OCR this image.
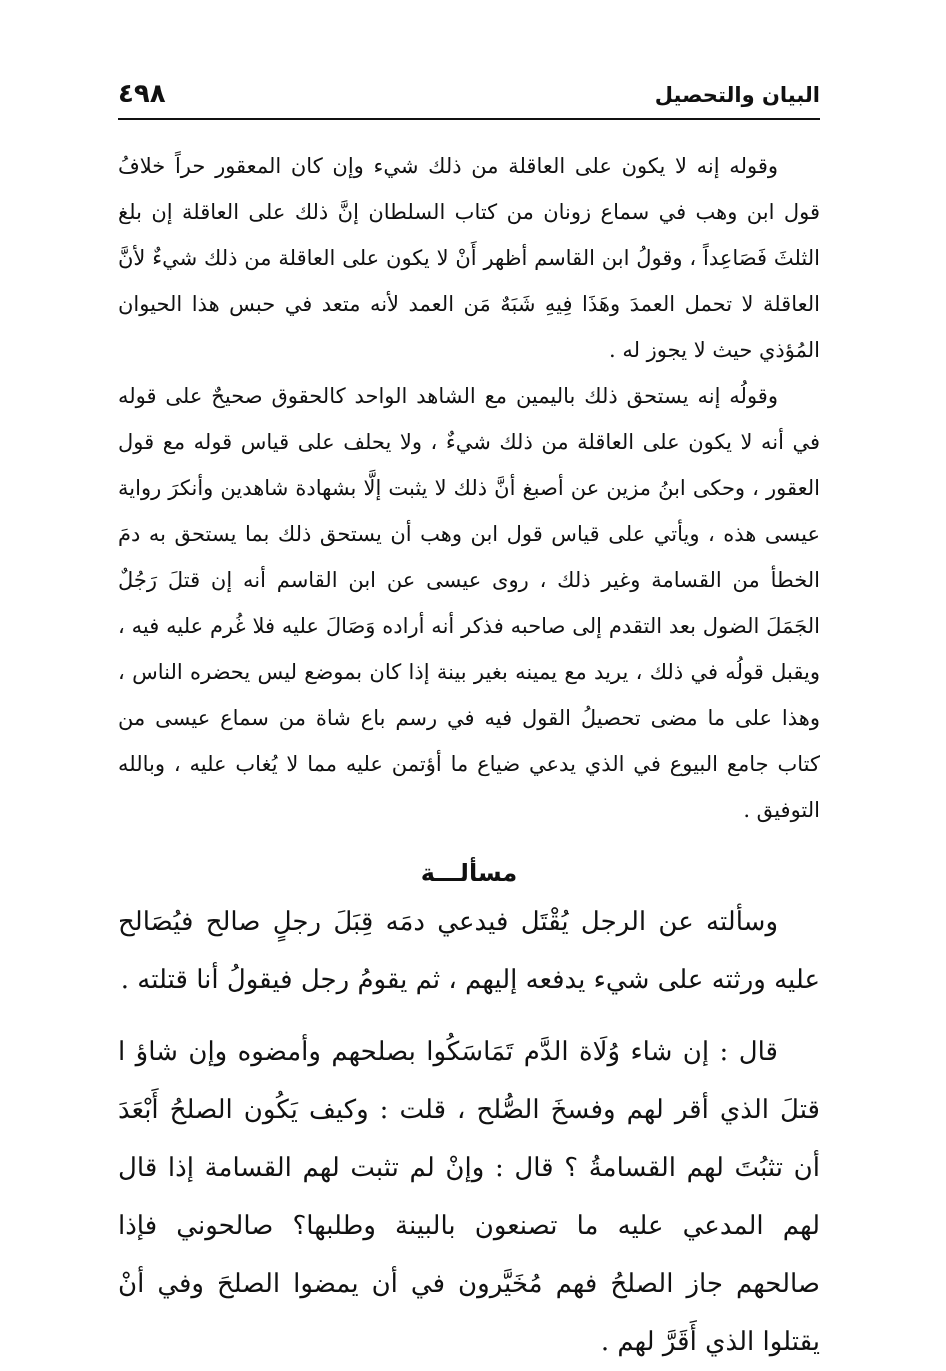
٤٩٨	البيان والتحصيل

وقوله إنه لا يكون على العاقلة من ذلك شيء وإن كان المعقور حراً خلافُ قول ابن وهب في سماع زونان من كتاب السلطان إنَّ ذلك على العاقلة إن بلغ الثلثَ فَصَاعِداً ، وقولُ ابن القاسم أظهر أَنْ لا يكون على العاقلة من ذلك شيءٌ لأنَّ العاقلة لا تحمل العمدَ وهَذَا فِيهِ شَبَهٌ مَن العمد لأنه متعد في حبس هذا الحيوان المُؤذي حيث لا يجوز له .

وقولُه إنه يستحق ذلك باليمين مع الشاهد الواحد كالحقوق صحيحٌ على قوله في أنه لا يكون على العاقلة من ذلك شيءٌ ، ولا يحلف على قياس قوله مع قول العقور ، وحكى ابنُ مزين عن أصبغ أنَّ ذلك لا يثبت إلَّا بشهادة شاهدين وأنكرَ رواية عيسى هذه ، ويأتي على قياس قول ابن وهب أن يستحق ذلك بما يستحق به دمَ الخطأ من القسامة وغير ذلك ، روى عيسى عن ابن القاسم أنه إن قتلَ رَجُلٌ الجَمَلَ الضول بعد التقدم إلى صاحبه فذكر أنه أراده وَصَالَ عليه فلا غُرم عليه فيه ، ويقبل قولُه في ذلك ، يريد مع يمينه بغير بينة إذا كان بموضع ليس يحضره الناس ، وهذا على ما مضى تحصيلُ القول فيه في رسم باع شاة من سماع عيسى من كتاب جامع البيوع في الذي يدعي ضياع ما أؤتمن عليه مما لا يُغاب عليه ، وبالله التوفيق .

مسألـــة

وسألته عن الرجل يُقْتَل فيدعي دمَه قِبَلَ رجلٍ صالح فيُصَالح عليه ورثته على شيء يدفعه إليهم ، ثم يقومُ رجل فيقولُ أنا قتلته .

قال : إن شاء وُلَاة الدَّم تَمَاسَكُوا بصلحهم وأمضوه وإن شاؤ ا قتلَ الذي أقر لهم وفسخَ الصُّلح ، قلت : وكيف يَكُون الصلحُ أَبْعَدَ أن تثبُتَ لهم القسامةُ ؟ قال : وإنْ لم تثبت لهم القسامة إذا قال لهم المدعي عليه ما تصنعون بالبينة وطلبها؟ صالحوني فإذا صالحهم جاز الصلحُ فهم مُخَيَّرون في أن يمضوا الصلحَ وفي أنْ يقتلوا الذي أَقَرَّ لهم .
